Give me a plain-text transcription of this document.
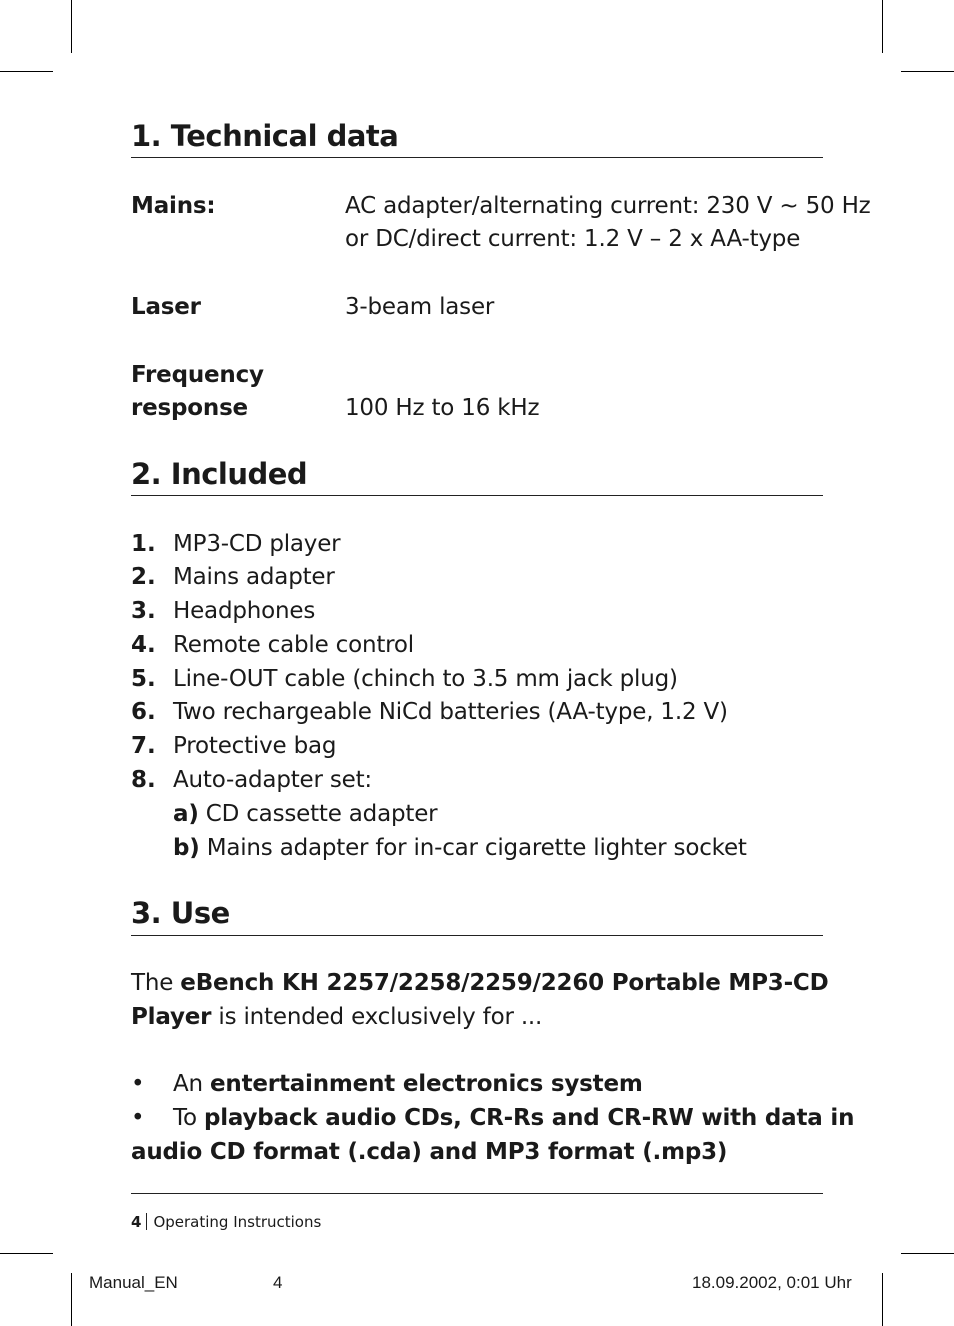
1. Technical data
Mains:	AC adapter/alternating current: 230 V ~ 50 Hz
or DC/direct current: 1.2 V – 2 x AA-type
Laser	3-beam laser
Frequency
response	100 Hz to 16 kHz
2. Included
1. MP3-CD player
2. Mains adapter
3. Headphones
4. Remote cable control
5. Line-OUT cable (chinch to 3.5 mm jack plug)
6. Two rechargeable NiCd batteries (AA-type, 1.2 V)
7. Protective bag
8. Auto-adapter set:
a) CD cassette adapter
b) Mains adapter for in-car cigarette lighter socket
3. Use
The eBench KH 2257/2258/2259/2260 Portable MP3-CD
Player is intended exclusively for ...
• An entertainment electronics system
• To playback audio CDs, CR-Rs and CR-RW with data in
audio CD format (.cda) and MP3 format (.mp3)
4 Operating Instructions
Manual_EN	4	18.09.2002, 0:01 Uhr
